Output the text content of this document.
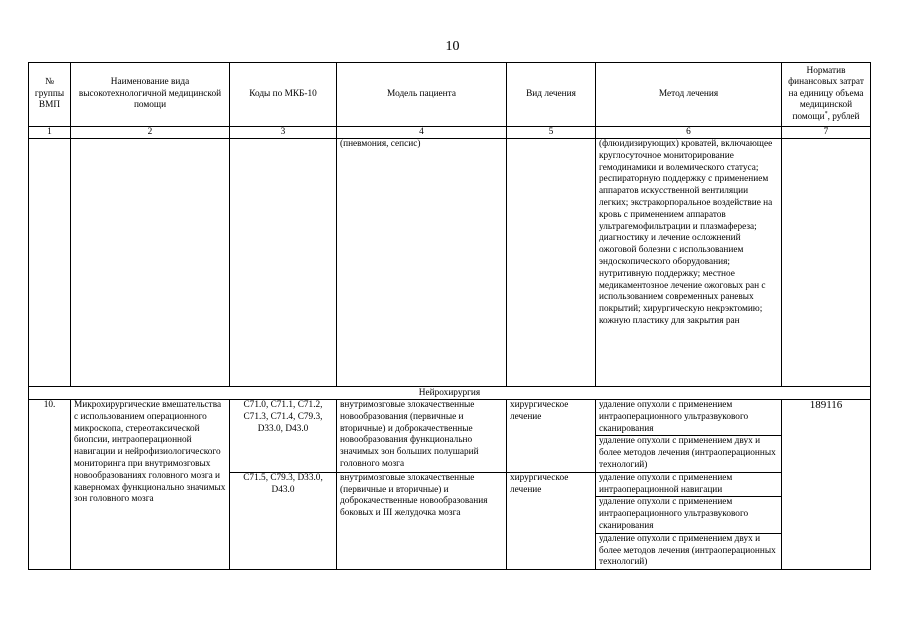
10
№ группы ВМП	Наименование вида высокотехнологичной медицинской помощи	Коды по МКБ-10	Модель пациента	Вид лечения	Метод лечения	Норматив финансовых затрат на единицу объема медицинской помощи*, рублей
1	2	3	4	5	6	7
			(пневмония, сепсис)		(флюидизирующих) кроватей, включающее круглосуточное мониторирование гемодинамики и волемического статуса; респираторную поддержку с применением аппаратов искусственной вентиляции легких; экстракорпоральное воздействие на кровь с применением аппаратов ультрагемофильтрации и плазмафереза; диагностику и лечение осложнений ожоговой болезни с использованием эндоскопического оборудования; нутритивную поддержку; местное медикаментозное лечение ожоговых ран с использованием современных раневых покрытий; хирургическую некрэктомию; кожную пластику для закрытия ран	
Нейрохирургия						
10.	Микрохирургические вмешательства с использованием операционного микроскопа, стереотаксической биопсии, интраоперационной навигации и нейрофизиологического мониторинга при внутримозговых новообразованиях головного мозга и каверномах функционально значимых зон головного мозга	C71.0, C71.1, C71.2, C71.3, C71.4, C79.3, D33.0, D43.0	внутримозговые злокачественные новообразования (первичные и вторичные) и доброкачественные новообразования функционально значимых зон больших полушарий головного мозга	хирургическое лечение	удаление опухоли с применением интраоперационного ультразвукового сканирования	189116
					удаление опухоли с применением двух и более методов лечения (интраоперационных технологий)	
		C71.5, C79.3, D33.0, D43.0	внутримозговые злокачественные (первичные и вторичные) и доброкачественные новообразования боковых и III желудочка мозга	хирургическое лечение	удаление опухоли с применением интраоперационной навигации	
					удаление опухоли с применением интраоперационного ультразвукового сканирования	
					удаление опухоли с применением двух и более методов лечения (интраоперационных технологий)	
